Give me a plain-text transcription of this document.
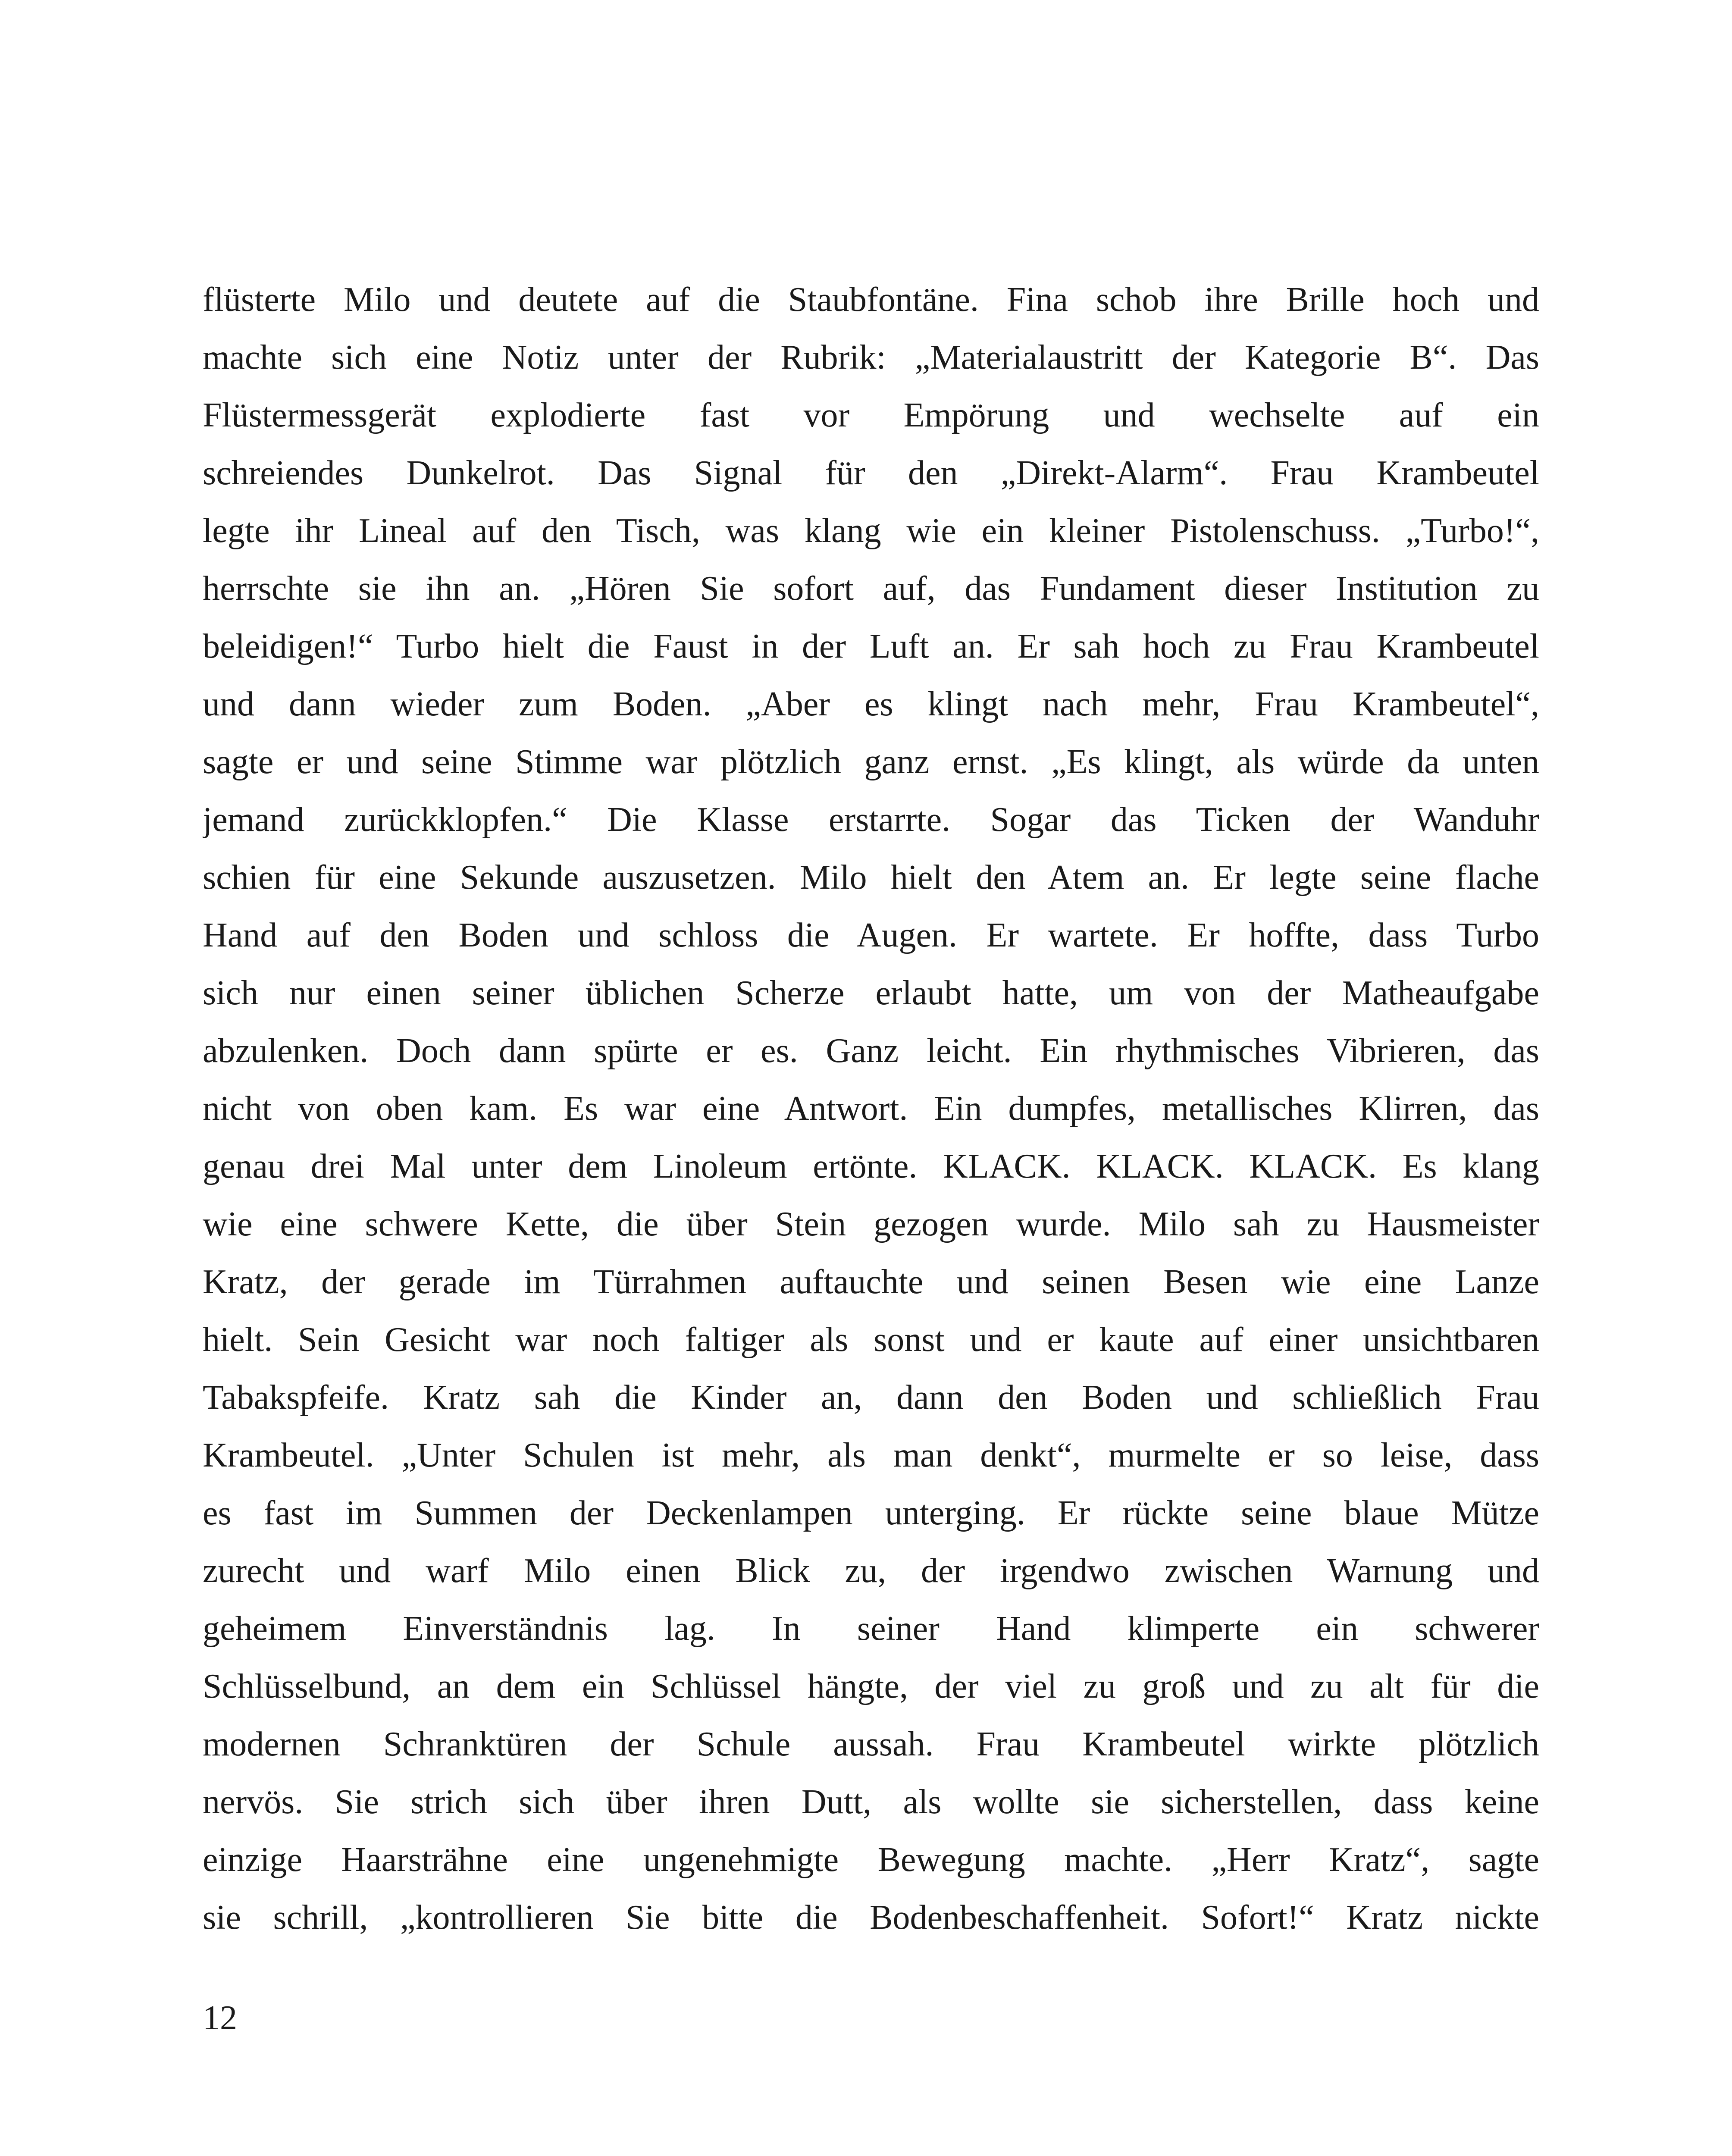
flüsterte Milo und deutete auf die Staubfontäne. Fina schob ihre Brille hoch und
machte sich eine Notiz unter der Rubrik: „Materialaustritt der Kategorie B“. Das
Flüstermessgerät explodierte fast vor Empörung und wechselte auf ein
schreiendes Dunkelrot. Das Signal für den „Direkt-Alarm“. Frau Krambeutel
legte ihr Lineal auf den Tisch, was klang wie ein kleiner Pistolenschuss. „Turbo!“,
herrschte sie ihn an. „Hören Sie sofort auf, das Fundament dieser Institution zu
beleidigen!“ Turbo hielt die Faust in der Luft an. Er sah hoch zu Frau Krambeutel
und dann wieder zum Boden. „Aber es klingt nach mehr, Frau Krambeutel“,
sagte er und seine Stimme war plötzlich ganz ernst. „Es klingt, als würde da unten
jemand zurückklopfen.“ Die Klasse erstarrte. Sogar das Ticken der Wanduhr
schien für eine Sekunde auszusetzen. Milo hielt den Atem an. Er legte seine flache
Hand auf den Boden und schloss die Augen. Er wartete. Er hoffte, dass Turbo
sich nur einen seiner üblichen Scherze erlaubt hatte, um von der Matheaufgabe
abzulenken. Doch dann spürte er es. Ganz leicht. Ein rhythmisches Vibrieren, das
nicht von oben kam. Es war eine Antwort. Ein dumpfes, metallisches Klirren, das
genau drei Mal unter dem Linoleum ertönte. KLACK. KLACK. KLACK. Es klang
wie eine schwere Kette, die über Stein gezogen wurde. Milo sah zu Hausmeister
Kratz, der gerade im Türrahmen auftauchte und seinen Besen wie eine Lanze
hielt. Sein Gesicht war noch faltiger als sonst und er kaute auf einer unsichtbaren
Tabakspfeife. Kratz sah die Kinder an, dann den Boden und schließlich Frau
Krambeutel. „Unter Schulen ist mehr, als man denkt“, murmelte er so leise, dass
es fast im Summen der Deckenlampen unterging. Er rückte seine blaue Mütze
zurecht und warf Milo einen Blick zu, der irgendwo zwischen Warnung und
geheimem Einverständnis lag. In seiner Hand klimperte ein schwerer
Schlüsselbund, an dem ein Schlüssel hängte, der viel zu groß und zu alt für die
modernen Schranktüren der Schule aussah. Frau Krambeutel wirkte plötzlich
nervös. Sie strich sich über ihren Dutt, als wollte sie sicherstellen, dass keine
einzige Haarsträhne eine ungenehmigte Bewegung machte. „Herr Kratz“, sagte
sie schrill, „kontrollieren Sie bitte die Bodenbeschaffenheit. Sofort!“ Kratz nickte
12
